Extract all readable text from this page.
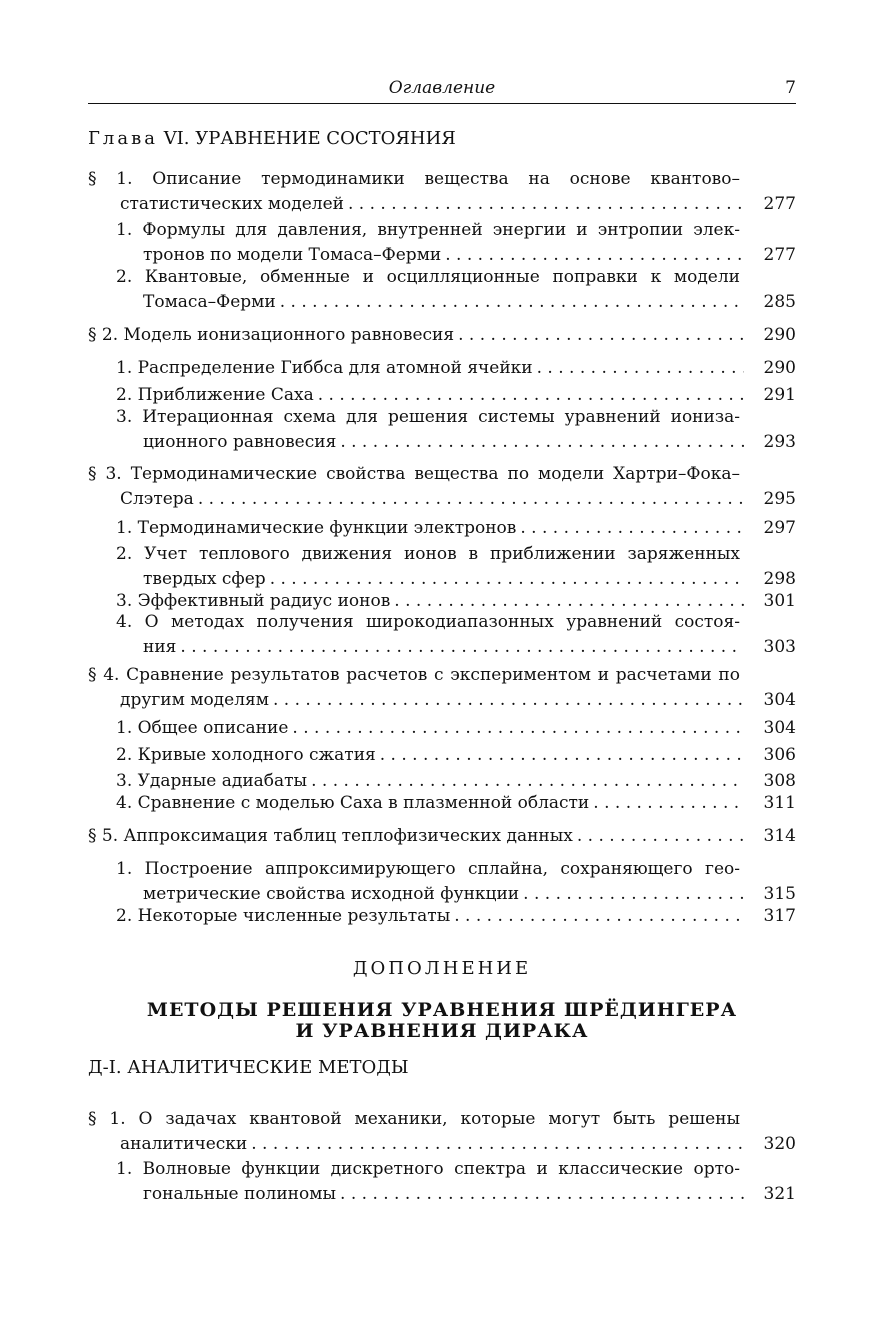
Оглавление	7
Глава VI. УРАВНЕНИЕ СОСТОЯНИЯ
§ 1. Описание термодинамики вещества на основе квантово–
статистических моделей . . .	277
1. Формулы для давления, внутренней энергии и энтропии элек-
тронов по модели Томаса–Ферми . . .	277
2. Квантовые, обменные и осцилляционные поправки к модели
Томаса–Ферми . . .	285
§ 2. Модель ионизационного равновесия . . .	290
1. Распределение Гиббса для атомной ячейки . . .	290
2. Приближение Саха . . .	291
3. Итерационная схема для решения системы уравнений иониза-
ционного равновесия . . .	293
§ 3. Термодинамические свойства вещества по модели Хартри–Фока–
Слэтера . . .	295
1. Термодинамические функции электронов . . .	297
2. Учет теплового движения ионов в приближении заряженных
твердых сфер . . .	298
3. Эффективный радиус ионов . . .	301
4. О методах получения широкодиапазонных уравнений состоя-
ния . . .	303
§ 4. Сравнение результатов расчетов с экспериментом и расчетами по
другим моделям . . .	304
1. Общее описание . . .	304
2. Кривые холодного сжатия . . .	306
3. Ударные адиабаты . . .	308
4. Сравнение с моделью Саха в плазменной области . . .	311
§ 5. Аппроксимация таблиц теплофизических данных . . .	314
1. Построение аппроксимирующего сплайна, сохраняющего гео-
метрические свойства исходной функции . . .	315
2. Некоторые численные результаты . . .	317
ДОПОЛНЕНИЕ
МЕТОДЫ РЕШЕНИЯ УРАВНЕНИЯ ШРЁДИНГЕРА
И УРАВНЕНИЯ ДИРАКА
Д-I. АНАЛИТИЧЕСКИЕ МЕТОДЫ
§ 1. О задачах квантовой механики, которые могут быть решены
аналитически . . .	320
1. Волновые функции дискретного спектра и классические орто-
гональные полиномы . . .	321
